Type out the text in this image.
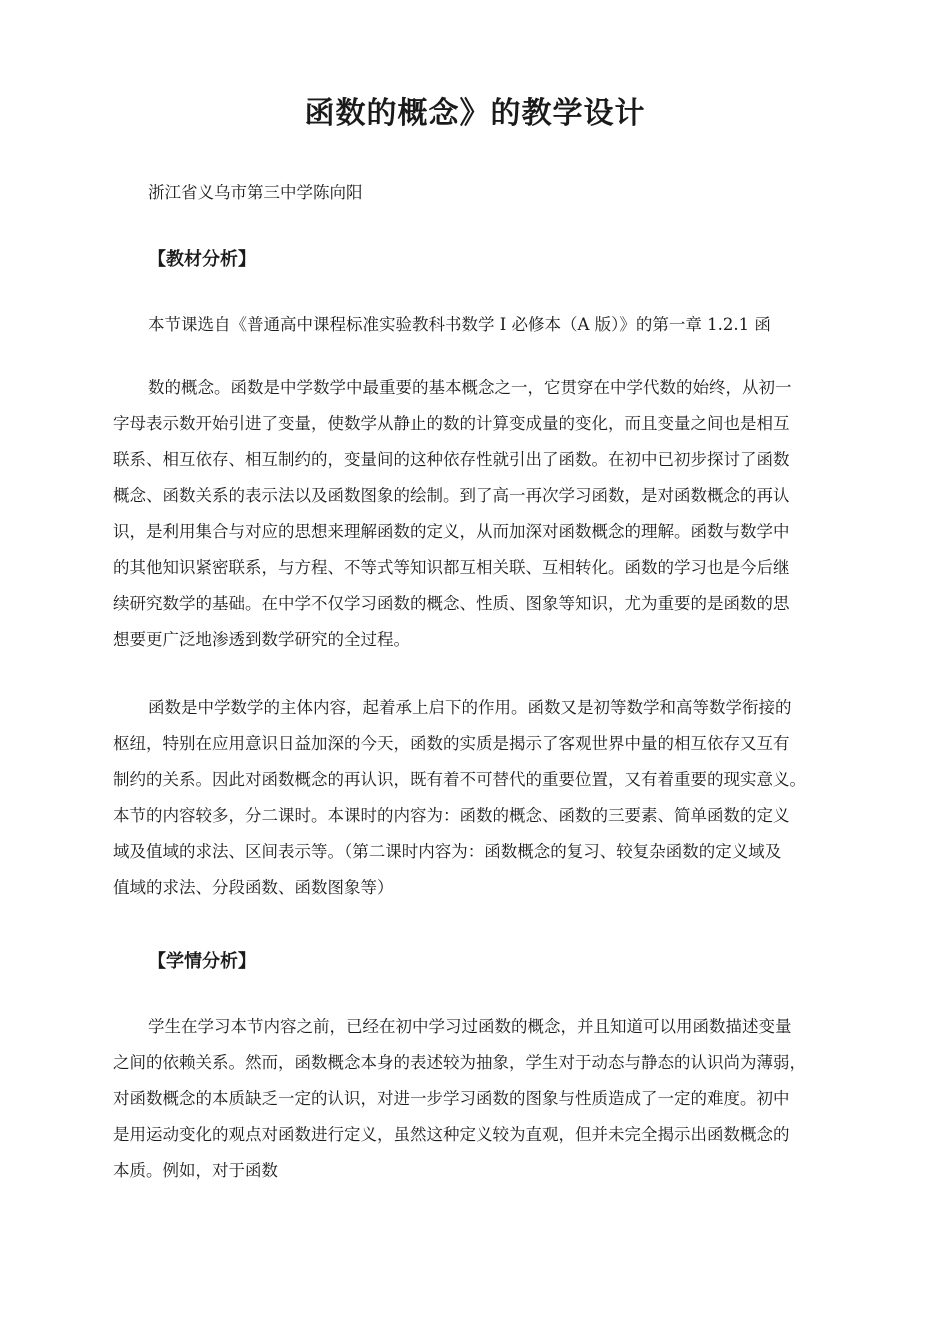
函数的概念》的教学设计

浙江省义乌市第三中学陈向阳

【教材分析】

本节课选自《普通高中课程标准实验教科书数学 I 必修本（A 版）》的第一章 1.2.1 函

数的概念。函数是中学数学中最重要的基本概念之一，它贯穿在中学代数的始终，从初一

字母表示数开始引进了变量，使数学从静止的数的计算变成量的变化，而且变量之间也是相互

联系、相互依存、相互制约的，变量间的这种依存性就引出了函数。在初中已初步探讨了函数

概念、函数关系的表示法以及函数图象的绘制。到了高一再次学习函数，是对函数概念的再认

识，是利用集合与对应的思想来理解函数的定义，从而加深对函数概念的理解。函数与数学中

的其他知识紧密联系，与方程、不等式等知识都互相关联、互相转化。函数的学习也是今后继

续研究数学的基础。在中学不仅学习函数的概念、性质、图象等知识，尤为重要的是函数的思

想要更广泛地渗透到数学研究的全过程。

函数是中学数学的主体内容，起着承上启下的作用。函数又是初等数学和高等数学衔接的

枢纽，特别在应用意识日益加深的今天，函数的实质是揭示了客观世界中量的相互依存又互有

制约的关系。因此对函数概念的再认识，既有着不可替代的重要位置，又有着重要的现实意义。

本节的内容较多，分二课时。本课时的内容为：函数的概念、函数的三要素、简单函数的定义

域及值域的求法、区间表示等。（第二课时内容为：函数概念的复习、较复杂函数的定义域及

值域的求法、分段函数、函数图象等）

【学情分析】

学生在学习本节内容之前，已经在初中学习过函数的概念，并且知道可以用函数描述变量

之间的依赖关系。然而，函数概念本身的表述较为抽象，学生对于动态与静态的认识尚为薄弱，

对函数概念的本质缺乏一定的认识，对进一步学习函数的图象与性质造成了一定的难度。初中

是用运动变化的观点对函数进行定义，虽然这种定义较为直观，但并未完全揭示出函数概念的

本质。例如，对于函数
